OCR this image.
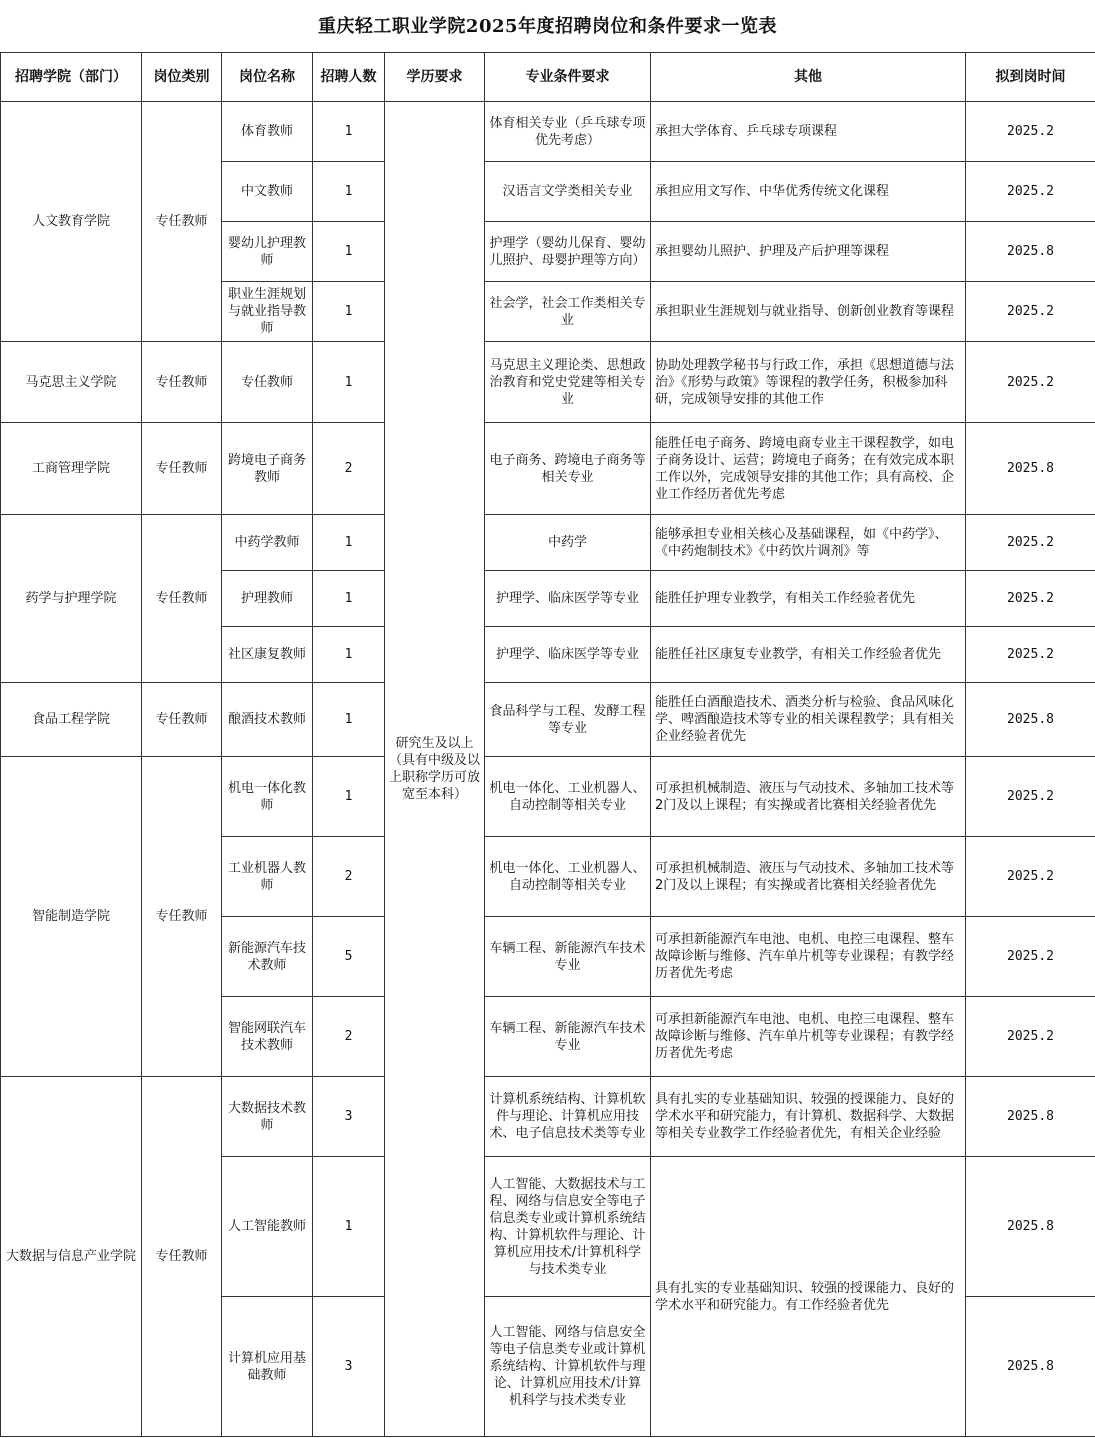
重庆轻工职业学院2025年度招聘岗位和条件要求一览表
招聘学院（部门）	岗位类别	岗位名称	招聘人数	学历要求	专业条件要求	其他	拟到岗时间
人文教育学院	专任教师	体育教师	1	研究生及以上（具有中级及以上职称学历可放宽至本科）	体育相关专业（乒乓球专项优先考虑）	承担大学体育、乒乓球专项课程	2025.2
		中文教师	1		汉语言文学类相关专业	承担应用文写作、中华优秀传统文化课程	2025.2
		婴幼儿护理教师	1		护理学（婴幼儿保育、婴幼儿照护、母婴护理等方向）	承担婴幼儿照护、护理及产后护理等课程	2025.8
		职业生涯规划与就业指导教师	1		社会学，社会工作类相关专业	承担职业生涯规划与就业指导、创新创业教育等课程	2025.2
马克思主义学院	专任教师	专任教师	1		马克思主义理论类、思想政治教育和党史党建等相关专业	协助处理教学秘书与行政工作，承担《思想道德与法治》《形势与政策》等课程的教学任务，积极参加科研，完成领导安排的其他工作	2025.2
工商管理学院	专任教师	跨境电子商务教师	2		电子商务、跨境电子商务等相关专业	能胜任电子商务、跨境电商专业主干课程教学，如电子商务设计、运营；跨境电子商务；在有效完成本职工作以外，完成领导安排的其他工作；具有高校、企业工作经历者优先考虑	2025.8
药学与护理学院	专任教师	中药学教师	1		中药学	能够承担专业相关核心及基础课程，如《中药学》、《中药炮制技术》《中药饮片调剂》等	2025.2
		护理教师	1		护理学、临床医学等专业	能胜任护理专业教学，有相关工作经验者优先	2025.2
		社区康复教师	1		护理学、临床医学等专业	能胜任社区康复专业教学，有相关工作经验者优先	2025.2
食品工程学院	专任教师	酿酒技术教师	1		食品科学与工程、发酵工程等专业	能胜任白酒酿造技术、酒类分析与检验、食品风味化学、啤酒酿造技术等专业的相关课程教学；具有相关企业经验者优先	2025.8
智能制造学院	专任教师	机电一体化教师	1		机电一体化、工业机器人、自动控制等相关专业	可承担机械制造、液压与气动技术、多轴加工技术等2门及以上课程；有实操或者比赛相关经验者优先	2025.2
		工业机器人教师	2		机电一体化、工业机器人、自动控制等相关专业	可承担机械制造、液压与气动技术、多轴加工技术等2门及以上课程；有实操或者比赛相关经验者优先	2025.2
		新能源汽车技术教师	5		车辆工程、新能源汽车技术专业	可承担新能源汽车电池、电机、电控三电课程、整车故障诊断与维修、汽车单片机等专业课程；有教学经历者优先考虑	2025.2
		智能网联汽车技术教师	2		车辆工程、新能源汽车技术专业	可承担新能源汽车电池、电机、电控三电课程、整车故障诊断与维修、汽车单片机等专业课程；有教学经历者优先考虑	2025.2
大数据与信息产业学院	专任教师	大数据技术教师	3		计算机系统结构、计算机软件与理论、计算机应用技术、电子信息技术类等专业	具有扎实的专业基础知识、较强的授课能力、良好的学术水平和研究能力，有计算机、数据科学、大数据等相关专业教学工作经验者优先，有相关企业经验	2025.8
		人工智能教师	1		人工智能、大数据技术与工程、网络与信息安全等电子信息类专业或计算机系统结构、计算机软件与理论、计算机应用技术/计算机科学与技术类专业	具有扎实的专业基础知识、较强的授课能力、良好的学术水平和研究能力。有工作经验者优先	2025.8
		计算机应用基础教师	3		人工智能、网络与信息安全等电子信息类专业或计算机系统结构、计算机软件与理论、计算机应用技术/计算机科学与技术类专业		2025.8
